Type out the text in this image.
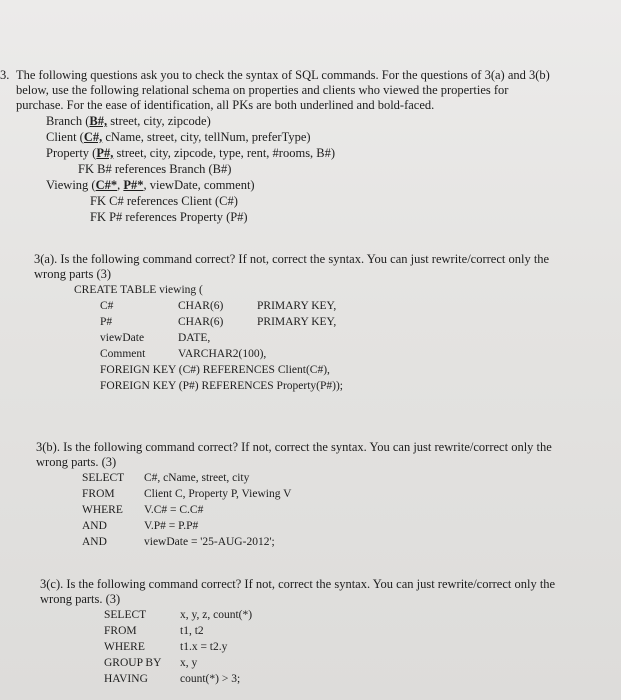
3. The following questions ask you to check the syntax of SQL commands. For the questions of 3(a) and 3(b)
below, use the following relational schema on properties and clients who viewed the properties for
purchase. For the ease of identification, all PKs are both underlined and bold-faced.
Branch (B#, street, city, zipcode)
Client (C#, cName, street, city, tellNum, preferType)
Property (P#, street, city, zipcode, type, rent, #rooms, B#)
FK B# references Branch (B#)
Viewing (C#*, P#*, viewDate, comment)
FK C# references Client (C#)
FK P# references Property (P#)
3(a). Is the following command correct? If not, correct the syntax. You can just rewrite/correct only the
wrong parts (3)
CREATE TABLE viewing (
C#	CHAR(6)	PRIMARY KEY,
P#	CHAR(6)	PRIMARY KEY,
viewDate	DATE,
Comment	VARCHAR2(100),
FOREIGN KEY (C#) REFERENCES Client(C#),
FOREIGN KEY (P#) REFERENCES Property(P#));
3(b). Is the following command correct? If not, correct the syntax. You can just rewrite/correct only the
wrong parts. (3)
SELECT C#, cName, street, city
FROM	Client C, Property P, Viewing V
WHERE V.C# = C.C#
AND	V.P# = P.P#
AND	viewDate = '25-AUG-2012';
3(c). Is the following command correct? If not, correct the syntax. You can just rewrite/correct only the
wrong parts. (3)
SELECT	x, y, z, count(*)
FROM	t1, t2
WHERE	t1.x = t2.y
GROUP BY x, y
HAVING	count(*) > 3;
